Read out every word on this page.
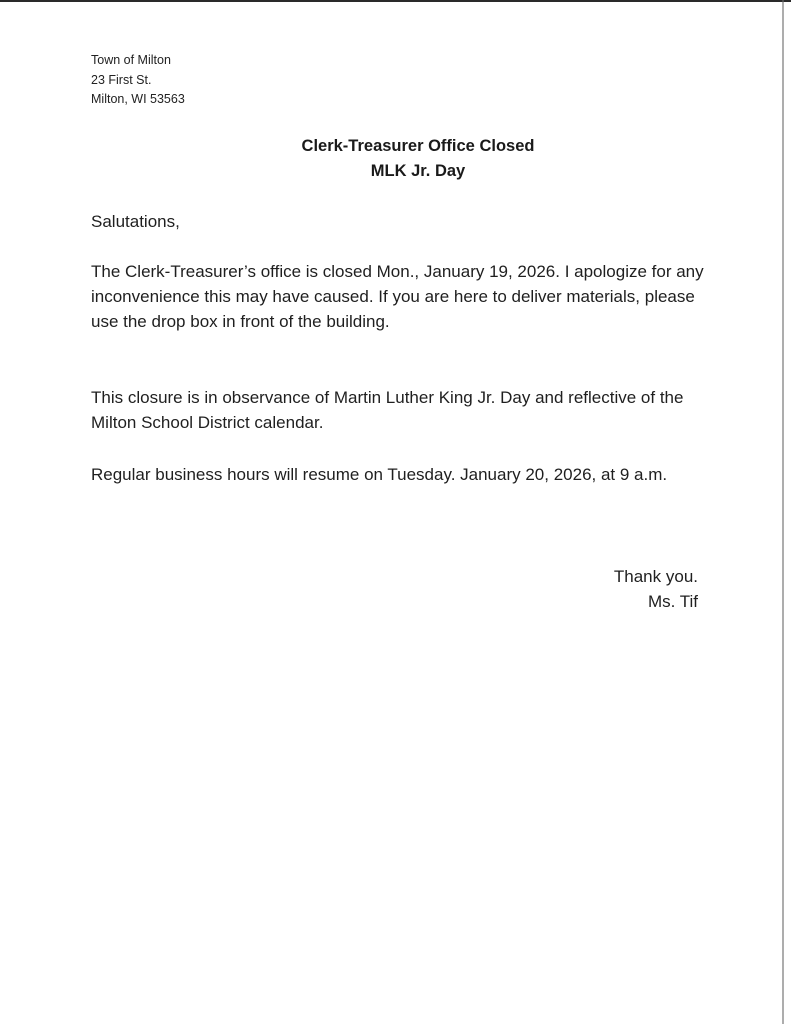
Town of Milton
23 First St.
Milton, WI 53563
Clerk-Treasurer Office Closed
MLK Jr. Day

Salutations,

The Clerk-Treasurer’s office is closed Mon., January 19, 2026. I apologize for any inconvenience this may have caused. If you are here to deliver materials, please use the drop box in front of the building.

This closure is in observance of Martin Luther King Jr. Day and reflective of the Milton School District calendar.

Regular business hours will resume on Tuesday. January 20, 2026, at 9 a.m.

Thank you.
Ms. Tif
